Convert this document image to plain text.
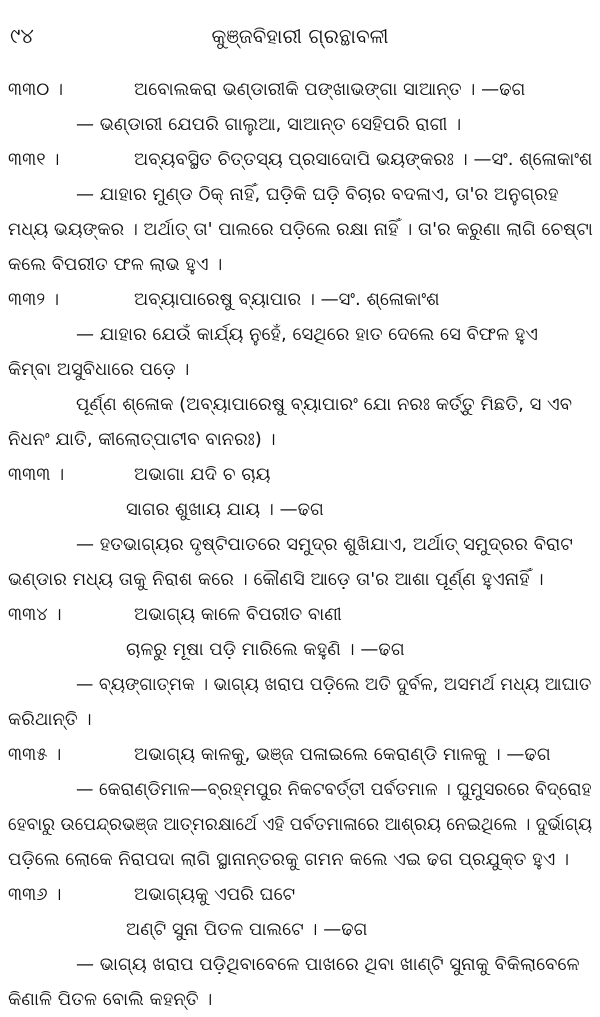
୯୪	କୁଞ୍ଜବିହାରୀ ଗ୍ରନ୍ଥାବଳୀ
୩୩୦ ।	ଅବୋଲକରା ଭଣ୍ଡାରୀକି ପଙ୍ଖାଭଙ୍ଗା ସାଆନ୍ତ । —ଢଗ
— ଭଣ୍ଡାରୀ ଯେପରି ଗାଲୁଆ, ସାଆନ୍ତ ସେହିପରି ରାଗୀ ।
୩୩୧ ।	ଅବ୍ୟବସ୍ଥିତ ଚିତ୍ତସ୍ୟ ପ୍ରସାଦୋପି ଭୟଙ୍କରଃ । —ସଂ. ଶ୍ଳୋକାଂଶ
— ଯାହାର ମୁଣ୍ଡ ଠିକ୍ ନାହିଁ, ଘଡ଼ିକି ଘଡ଼ି ବିଚାର ବଦଳାଏ, ତା'ର ଅନୁଗ୍ରହ
ମଧ୍ୟ ଭୟଙ୍କର । ଅର୍ଥାତ୍ ତା' ପାଲରେ ପଡ଼ିଲେ ରକ୍ଷା ନାହିଁ । ତା'ର କରୁଣା ଲାଗି ଚେଷ୍ଟା
କଲେ ବିପରୀତ ଫଳ ଲାଭ ହୁଏ ।
୩୩୨ ।	ଅବ୍ୟାପାରେଷୁ ବ୍ୟାପାର । —ସଂ. ଶ୍ଳୋକାଂଶ
— ଯାହାର ଯେଉଁ କାର୍ଯ୍ୟ ନୁହେଁ, ସେଥିରେ ହାତ ଦେଲେ ସେ ବିଫଳ ହୁଏ
କିମ୍ବା ଅସୁବିଧାରେ ପଡ଼େ ।
ପୂର୍ଣ୍ଣ ଶ୍ଳୋକ (ଅବ୍ୟାପାରେଷୁ ବ୍ୟାପାରଂ ଯୋ ନରଃ କର୍ତ୍ତୁ ମିଛତି, ସ ଏବ
ନିଧନଂ ଯାତି, କୀଲୋତ୍ପାଟୀବ ବାନରଃ) ।
୩୩୩ ।	ଅଭାଗା ଯଦି ଚ ଚାୟ
ସାଗର ଶୁଖାୟ ଯାୟ । —ଢଗ
— ହତଭାଗ୍ୟର ଦୃଷ୍ଟିପାତରେ ସମୁଦ୍ର ଶୁଖିଯାଏ, ଅର୍ଥାତ୍ ସମୁଦ୍ରର ବିରାଟ
ଭଣ୍ଡାର ମଧ୍ୟ ତାକୁ ନିରାଶ କରେ । କୌଣସି ଆଡ଼େ ତା'ର ଆଶା ପୂର୍ଣ୍ଣ ହୁଏନାହିଁ ।
୩୩୪ ।	ଅଭାଗ୍ୟ କାଳେ ବିପରୀତ ବାଣୀ
ଚାଳରୁ ମୂଷା ପଡ଼ି ମାରିଲେ କହୁଣି । —ଢଗ
— ବ୍ୟଙ୍ଗାତ୍ମକ । ଭାଗ୍ୟ ଖରାପ ପଡ଼ିଲେ ଅତି ଦୁର୍ବଳ, ଅସମର୍ଥ ମଧ୍ୟ ଆଘାତ
କରିଥାନ୍ତି ।
୩୩୫ ।	ଅଭାଗ୍ୟ କାଳକୁ, ଭଞ୍ଜ ପଳାଇଲେ କେରାଣ୍ଡି ମାଳକୁ । —ଢଗ
— କେରାଣ୍ଡିମାଳ—ବ୍ରହ୍ମପୁର ନିକଟବର୍ତ୍ତୀ ପର୍ବତମାଳ । ଘୁମୁସରରେ ବିଦ୍ରୋହ
ହେବାରୁ ଉପେନ୍ଦ୍ରଭଞ୍ଜ ଆତ୍ମରକ୍ଷାର୍ଥେ ଏହି ପର୍ବତମାଳାରେ ଆଶ୍ରୟ ନେଇଥିଲେ । ଦୁର୍ଭାଗ୍ୟ
ପଡ଼ିଲେ ଲୋକେ ନିରାପଦା ଲାଗି ସ୍ଥାନାନ୍ତରକୁ ଗମନ କଲେ ଏଇ ଢଗ ପ୍ରଯୁକ୍ତ ହୁଏ ।
୩୩୬ ।	ଅଭାଗ୍ୟକୁ ଏପରି ଘଟେ
ଅଣ୍ଟି ସୁନା ପିତଳ ପାଲଟେ । —ଢଗ
— ଭାଗ୍ୟ ଖରାପ ପଡ଼ିଥିବାବେଳେ ପାଖରେ ଥିବା ଖାଣ୍ଟି ସୁନାକୁ ବିକିଲାବେଳେ
କିଣାଳି ପିତଳ ବୋଲି କହନ୍ତି ।
